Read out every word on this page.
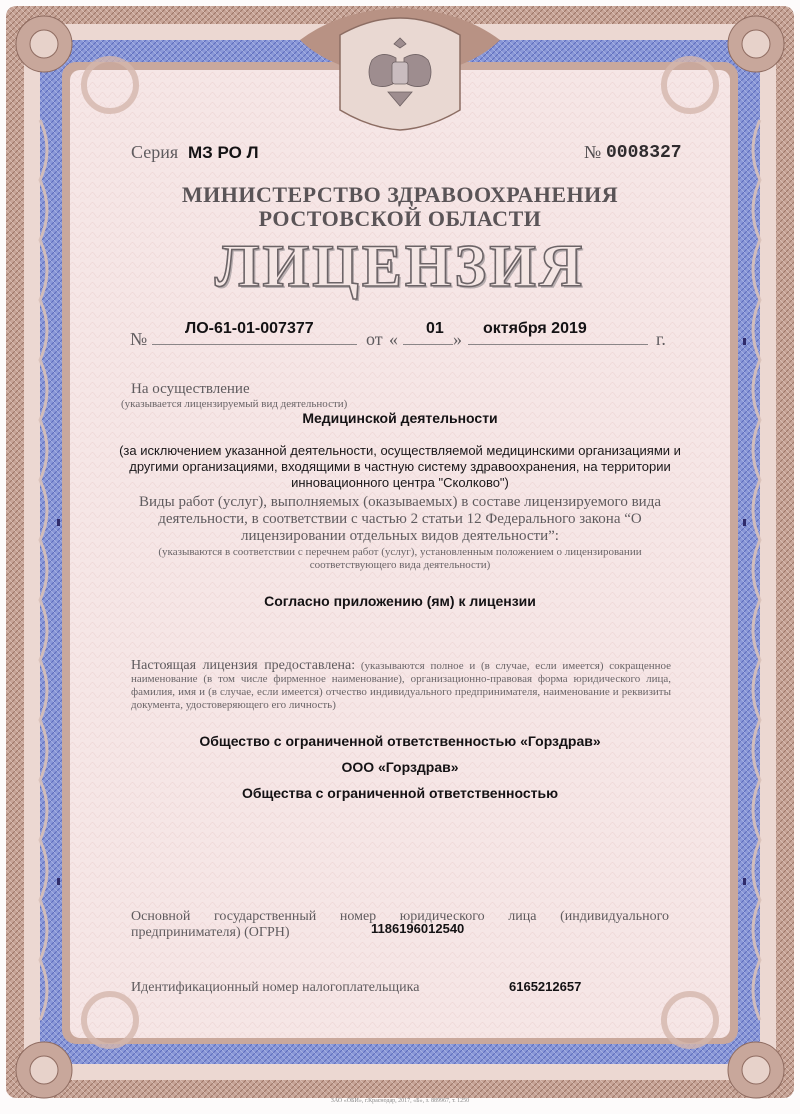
Серия МЗ РО Л	№ 0008327
МИНИСТЕРСТВО ЗДРАВООХРАНЕНИЯ
РОСТОВСКОЙ ОБЛАСТИ
ЛИЦЕНЗИЯ
№
ЛО-61-01-007377
от «
01
»
октября 2019
г.
На осуществление
(указывается лицензируемый вид деятельности)
Медицинской деятельности
(за исключением указанной деятельности, осуществляемой медицинскими организациями и другими организациями, входящими в частную систему здравоохранения, на территории инновационного центра "Сколково")
Виды работ (услуг), выполняемых (оказываемых) в составе лицензируемого вида деятельности, в соответствии с частью 2 статьи 12 Федерального закона “О лицензировании отдельных видов деятельности”:
(указываются в соответствии с перечнем работ (услуг), установленным положением о лицензировании соответствующего вида деятельности)
Согласно приложению (ям) к лицензии
Настоящая лицензия предоставлена: (указываются полное и (в случае, если имеется) сокращенное наименование (в том числе фирменное наименование), организационно-правовая форма юридического лица, фамилия, имя и (в случае, если имеется) отчество индивидуального предпринимателя, наименование и реквизиты документа, удостоверяющего его личность)
Общество с ограниченной ответственностью «Горздрав»
ООО «Горздрав»
Общества с ограниченной ответственностью
Основной государственный номер юридического лица (индивидуального
предпринимателя) (ОГРН)	1186196012540
Идентификационный номер налогоплательщика	6165212657
ЗАО «ОБИ», г.Краснодар, 2017, «Б», з. 889967, т. 1250
